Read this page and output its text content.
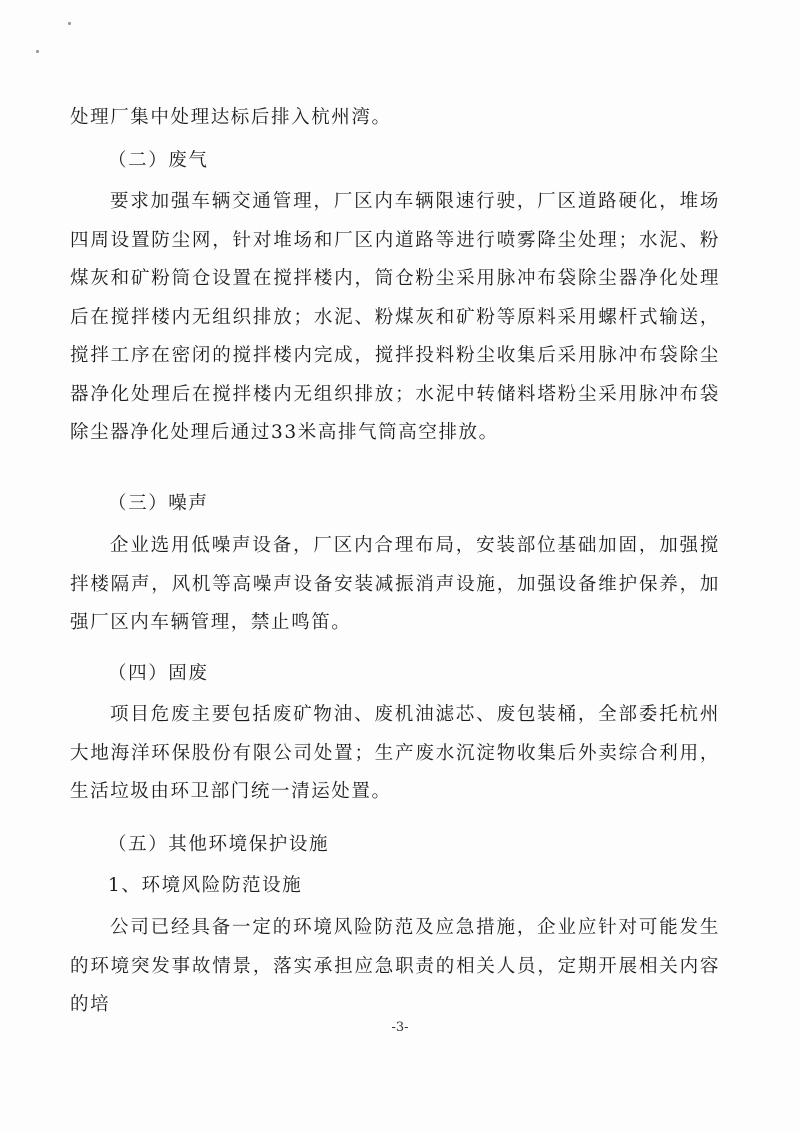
处理厂集中处理达标后排入杭州湾。

（二）废气

要求加强车辆交通管理，厂区内车辆限速行驶，厂区道路硬化，堆场四周设置防尘网，针对堆场和厂区内道路等进行喷雾降尘处理；水泥、粉煤灰和矿粉筒仓设置在搅拌楼内，筒仓粉尘采用脉冲布袋除尘器净化处理后在搅拌楼内无组织排放；水泥、粉煤灰和矿粉等原料采用螺杆式输送，搅拌工序在密闭的搅拌楼内完成，搅拌投料粉尘收集后采用脉冲布袋除尘器净化处理后在搅拌楼内无组织排放；水泥中转储料塔粉尘采用脉冲布袋除尘器净化处理后通过33米高排气筒高空排放。

（三）噪声

企业选用低噪声设备，厂区内合理布局，安装部位基础加固，加强搅拌楼隔声，风机等高噪声设备安装减振消声设施，加强设备维护保养，加强厂区内车辆管理，禁止鸣笛。

（四）固废

项目危废主要包括废矿物油、废机油滤芯、废包装桶，全部委托杭州大地海洋环保股份有限公司处置；生产废水沉淀物收集后外卖综合利用，生活垃圾由环卫部门统一清运处置。

（五）其他环境保护设施

1、环境风险防范设施

公司已经具备一定的环境风险防范及应急措施，企业应针对可能发生的环境突发事故情景，落实承担应急职责的相关人员，定期开展相关内容的培

-3-
